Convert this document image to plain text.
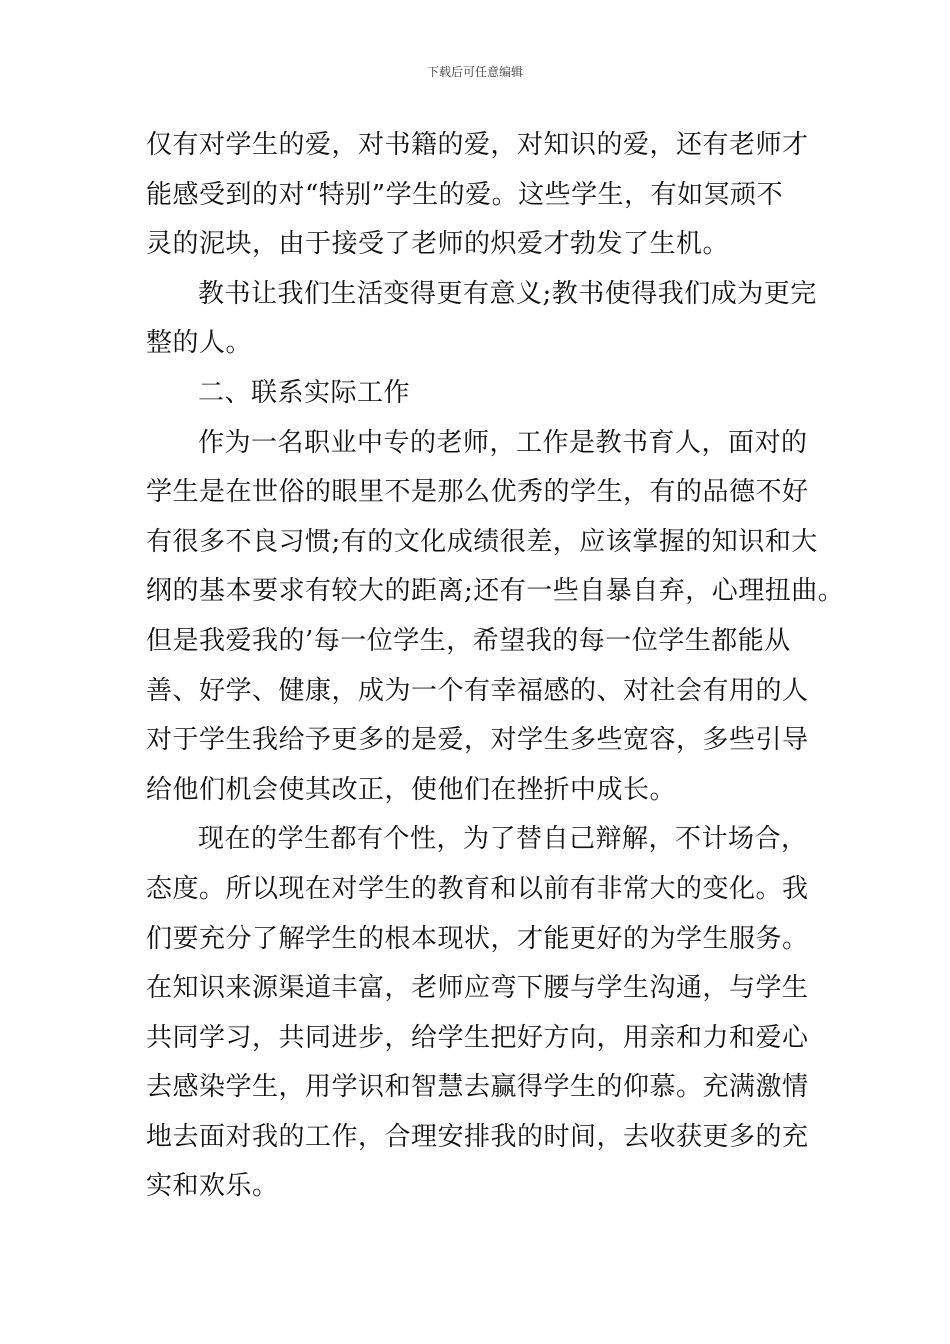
下载后可任意编辑
仅有对学生的爱，对书籍的爱，对知识的爱，还有老师才
能感受到的对“特别”学生的爱。这些学生，有如冥顽不
灵的泥块，由于接受了老师的炽爱才勃发了生机。
教书让我们生活变得更有意义;教书使得我们成为更完
整的人。
二、联系实际工作
作为一名职业中专的老师，工作是教书育人，面对的
学生是在世俗的眼里不是那么优秀的学生，有的品德不好
有很多不良习惯;有的文化成绩很差，应该掌握的知识和大
纲的基本要求有较大的距离;还有一些自暴自弃，心理扭曲。
但是我爱我的’每一位学生，希望我的每一位学生都能从
善、好学、健康，成为一个有幸福感的、对社会有用的人
对于学生我给予更多的是爱，对学生多些宽容，多些引导
给他们机会使其改正，使他们在挫折中成长。
现在的学生都有个性，为了替自己辩解，不计场合，
态度。所以现在对学生的教育和以前有非常大的变化。我
们要充分了解学生的根本现状，才能更好的为学生服务。
在知识来源渠道丰富，老师应弯下腰与学生沟通，与学生
共同学习，共同进步，给学生把好方向，用亲和力和爱心
去感染学生，用学识和智慧去赢得学生的仰慕。充满激情
地去面对我的工作，合理安排我的时间，去收获更多的充
实和欢乐。
